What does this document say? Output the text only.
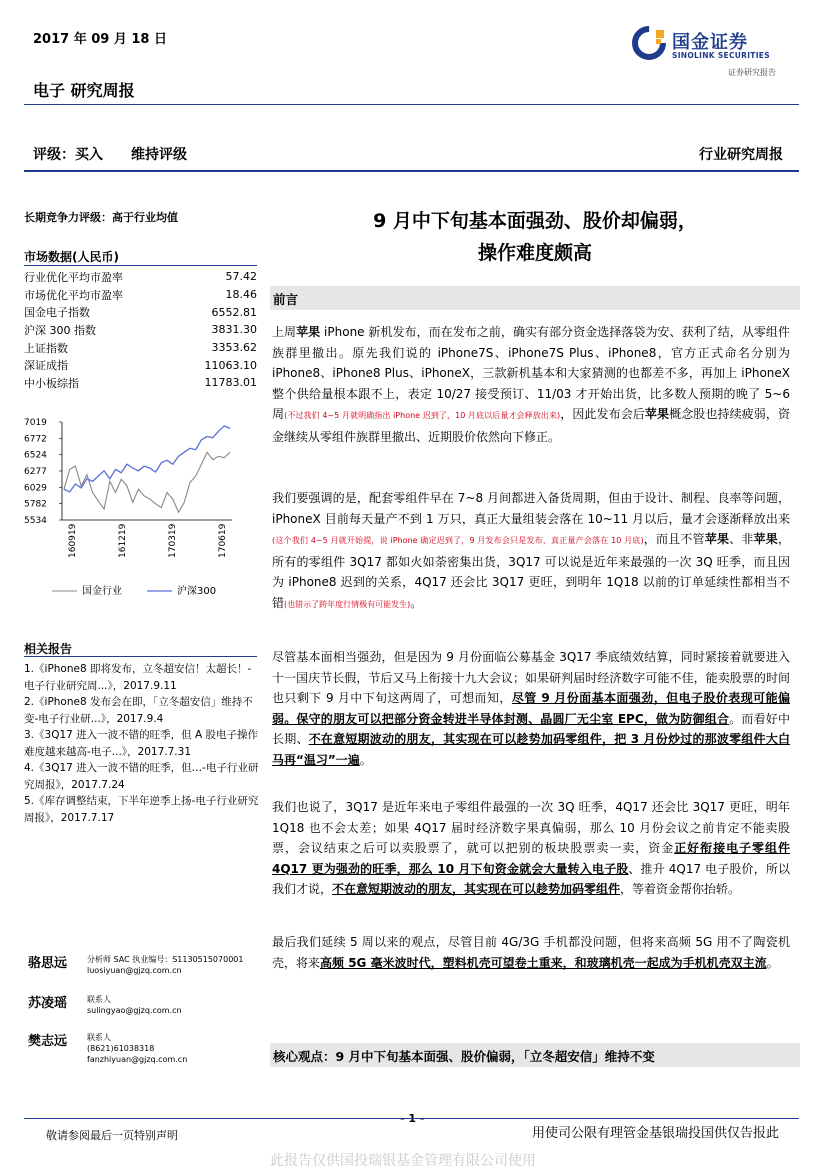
2017 年 09 月 18 日	国金证券
SINOLINK SECURITIES
证券研究报告
电子 研究周报
评级：买入 维持评级	行业研究周报
长期竞争力评级：高于行业均值
市场数据(人民币)
行业优化平均市盈率	57.42
市场优化平均市盈率	18.46
国金电子指数	6552.81
沪深 300 指数	3831.30
上证指数	3353.62
深证成指	11063.10
中小板综指	11783.01
7019
6772
6524
6277
6029
5782
5534
160919	161219	170319	170619
国金行业	沪深300
相关报告
1.《iPhone8 即将发布，立冬超安信！太超长！-电子行业研究周...》，2017.9.11
2.《iPhone8 发布会在即，「立冬超安信」维持不变-电子行业研...》，2017.9.4
3.《3Q17 进入一波不错的旺季，但 A 股电子操作难度越来越高-电子...》，2017.7.31
4.《3Q17 进入一波不错的旺季，但…-电子行业研究周报》，2017.7.24
5.《库存调整结束，下半年逆季上扬-电子行业研究周报》，2017.7.17
骆思远 分析师 SAC 执业编号：S1130515070001
luosiyuan@gjzq.com.cn
苏凌瑶 联系人
sulingyao@gjzq.com.cn
樊志远 联系人
(8621)61038318
fanzhiyuan@gjzq.com.cn
9 月中下旬基本面强劲、股价却偏弱，
操作难度颇高
前言
上周苹果 iPhone 新机发布，而在发布之前，确实有部分资金选择落袋为安、获利了结，从零组件族群里撤出。原先我们说的 iPhone7S、iPhone7S Plus、iPhone8，官方正式命名分别为 iPhone8、iPhone8 Plus、iPhoneX，三款新机基本和大家猜测的也都差不多，再加上 iPhoneX 整个供给量根本跟不上，表定 10/27 接受预订、11/03 才开始出货，比多数人预期的晚了 5~6 周(不过我们 4~5 月就明确指出 iPhone 迟到了，10 月底以后量才会释放出来)，因此发布会后苹果概念股也持续疲弱，资金继续从零组件族群里撤出、近期股价依然向下修正。
我们要强调的是，配套零组件早在 7~8 月间都进入备货周期，但由于设计、制程、良率等问题，iPhoneX 目前每天量产不到 1 万只，真正大量组装会落在 10~11 月以后，量才会逐渐释放出来(这个我们 4~5 月就开始提，说 iPhone 确定迟到了，9 月发布会只是发布，真正量产会落在 10 月底)，而且不管苹果、非苹果，所有的零组件 3Q17 都如火如荼密集出货，3Q17 可以说是近年来最强的一次 3Q 旺季，而且因为 iPhone8 迟到的关系，4Q17 还会比 3Q17 更旺，到明年 1Q18 以前的订单延续性都相当不错(也错示了跨年度行情极有可能发生)。
尽管基本面相当强劲，但是因为 9 月份面临公募基金 3Q17 季底绩效结算，同时紧接着就要进入十一国庆节长假，节后又马上衔接十九大会议；如果研判届时经济数字可能不佳，能卖股票的时间也只剩下 9 月中下旬这两周了，可想而知，尽管 9 月份面基本面强劲，但电子股价表现可能偏弱。保守的朋友可以把部分资金转进半导体封测、晶圆厂无尘室 EPC，做为防御组合。而看好中长期、不在意短期波动的朋友，其实现在可以趁势加码零组件，把 3 月份炒过的那波零组件大白马再“温习”一遍。
我们也说了，3Q17 是近年来电子零组件最强的一次 3Q 旺季，4Q17 还会比 3Q17 更旺，明年 1Q18 也不会太差；如果 4Q17 届时经济数字果真偏弱，那么 10 月份会议之前肯定不能卖股票，会议结束之后可以卖股票了，就可以把别的板块股票卖一卖，资金正好衔接电子零组件 4Q17 更为强劲的旺季，那么 10 月下旬资金就会大量转入电子股、推升 4Q17 电子股价，所以我们才说，不在意短期波动的朋友，其实现在可以趁势加码零组件，等着资金帮你抬轿。
最后我们延续 5 周以来的观点，尽管目前 4G/3G 手机都没问题，但将来高频 5G 用不了陶瓷机壳，将来高频 5G 毫米波时代，塑料机壳可望卷土重来，和玻璃机壳一起成为手机机壳双主流。
核心观点：9 月中下旬基本面强、股价偏弱，「立冬超安信」维持不变
- 1 -
敬请参阅最后一页特别声明	用使司公限有理管金基银瑞投国供仅告报此
此报告仅供国投瑞银基金管理有限公司使用
